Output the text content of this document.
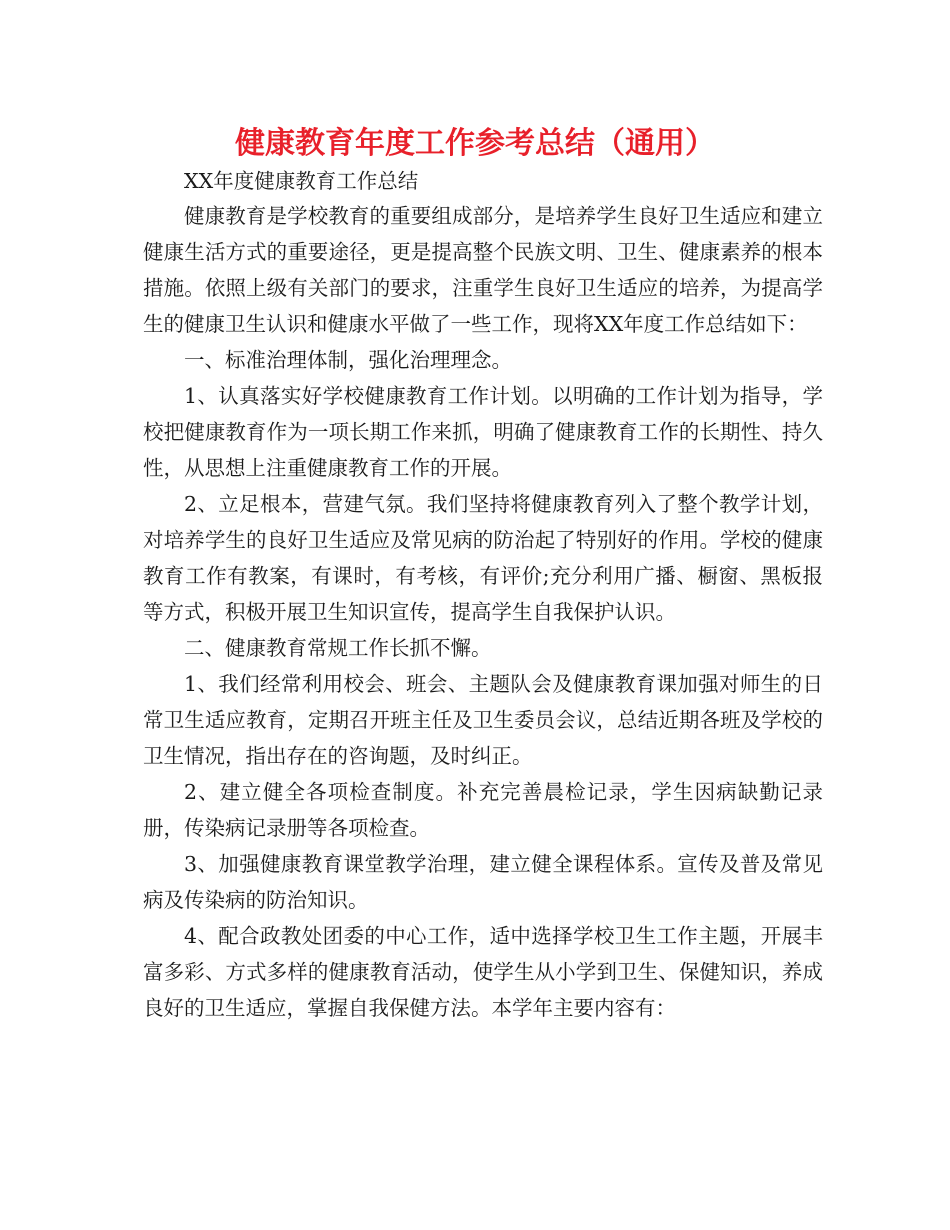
健康教育年度工作参考总结（通用）

XX年度健康教育工作总结

健康教育是学校教育的重要组成部分，是培养学生良好卫生适应和建立健康生活方式的重要途径，更是提高整个民族文明、卫生、健康素养的根本措施。依照上级有关部门的要求，注重学生良好卫生适应的培养，为提高学生的健康卫生认识和健康水平做了一些工作，现将XX年度工作总结如下：

一、标准治理体制，强化治理理念。

1、认真落实好学校健康教育工作计划。以明确的工作计划为指导，学校把健康教育作为一项长期工作来抓，明确了健康教育工作的长期性、持久性，从思想上注重健康教育工作的开展。

2、立足根本，营建气氛。我们坚持将健康教育列入了整个教学计划，对培养学生的良好卫生适应及常见病的防治起了特别好的作用。学校的健康教育工作有教案，有课时，有考核，有评价;充分利用广播、橱窗、黑板报等方式，积极开展卫生知识宣传，提高学生自我保护认识。

二、健康教育常规工作长抓不懈。

1、我们经常利用校会、班会、主题队会及健康教育课加强对师生的日常卫生适应教育，定期召开班主任及卫生委员会议，总结近期各班及学校的卫生情况，指出存在的咨询题，及时纠正。

2、建立健全各项检查制度。补充完善晨检记录，学生因病缺勤记录册，传染病记录册等各项检查。

3、加强健康教育课堂教学治理，建立健全课程体系。宣传及普及常见病及传染病的防治知识。

4、配合政教处团委的中心工作，适中选择学校卫生工作主题，开展丰富多彩、方式多样的健康教育活动，使学生从小学到卫生、保健知识，养成良好的卫生适应，掌握自我保健方法。本学年主要内容有：
